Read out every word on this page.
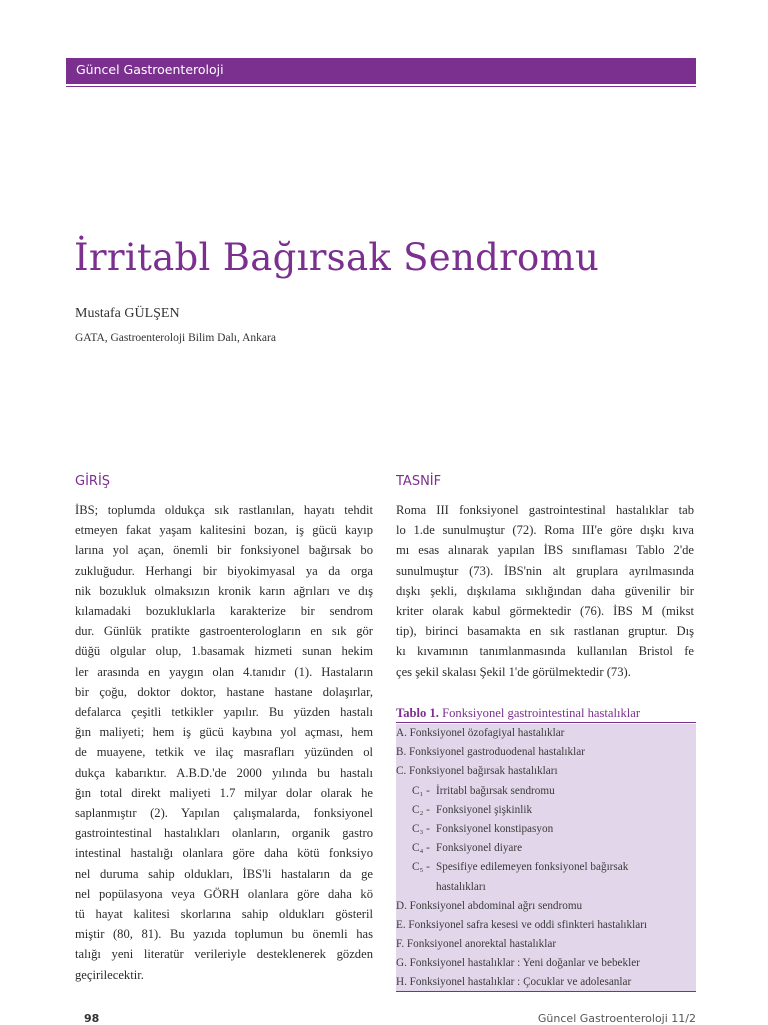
Güncel Gastroenteroloji
İrritabl Bağırsak Sendromu
Mustafa GÜLŞEN
GATA, Gastroenteroloji Bilim Dalı, Ankara
GİRİŞ
İBS; toplumda oldukça sık rastlanılan, hayatı tehdit
etmeyen fakat yaşam kalitesini bozan, iş gücü kayıp
larına yol açan, önemli bir fonksiyonel bağırsak bo
zukluğudur. Herhangi bir biyokimyasal ya da orga
nik bozukluk olmaksızın kronik karın ağrıları ve dış
kılamadaki bozukluklarla karakterize bir sendrom
dur. Günlük pratikte gastroenterologların en sık gör
düğü olgular olup, 1.basamak hizmeti sunan hekim
ler arasında en yaygın olan 4.tanıdır (1). Hastaların
bir çoğu, doktor doktor, hastane hastane dolaşırlar,
defalarca çeşitli tetkikler yapılır. Bu yüzden hastalı
ğın maliyeti; hem iş gücü kaybına yol açması, hem
de muayene, tetkik ve ilaç masrafları yüzünden ol
dukça kabarıktır. A.B.D.'de 2000 yılında bu hastalı
ğın total direkt maliyeti 1.7 milyar dolar olarak he
saplanmıştır (2). Yapılan çalışmalarda, fonksiyonel
gastrointestinal hastalıkları olanların, organik gastro
intestinal hastalığı olanlara göre daha kötü fonksiyo
nel duruma sahip oldukları, İBS'li hastaların da ge
nel popülasyona veya GÖRH olanlara göre daha kö
tü hayat kalitesi skorlarına sahip oldukları gösteril
miştir (80, 81). Bu yazıda toplumun bu önemli has
talığı yeni literatür verileriyle desteklenerek gözden
geçirilecektir.
TASNİF
Roma III fonksiyonel gastrointestinal hastalıklar tab
lo 1.de sunulmuştur (72). Roma III'e göre dışkı kıva
mı esas alınarak yapılan İBS sınıflaması Tablo 2'de
sunulmuştur (73). İBS'nin alt gruplara ayrılmasında
dışkı şekli, dışkılama sıklığından daha güvenilir bir
kriter olarak kabul görmektedir (76). İBS M (mikst
tip), birinci basamakta en sık rastlanan gruptur. Dış
kı kıvamının tanımlanmasında kullanılan Bristol fe
çes şekil skalası Şekil 1'de görülmektedir (73).
Tablo 1. Fonksiyonel gastrointestinal hastalıklar
A. Fonksiyonel özofagiyal hastalıklar
B. Fonksiyonel gastroduodenal hastalıklar
C. Fonksiyonel bağırsak hastalıkları
C₁ - İrritabl bağırsak sendromu
C₂ - Fonksiyonel şişkinlik
C₃ - Fonksiyonel konstipasyon
C₄ - Fonksiyonel diyare
C₅ - Spesifiye edilemeyen fonksiyonel bağırsak
hastalıkları
D. Fonksiyonel abdominal ağrı sendromu
E. Fonksiyonel safra kesesi ve oddi sfinkteri hastalıkları
F. Fonksiyonel anorektal hastalıklar
G. Fonksiyonel hastalıklar : Yeni doğanlar ve bebekler
H. Fonksiyonel hastalıklar : Çocuklar ve adolesanlar
98	Güncel Gastroenteroloji 11/2
